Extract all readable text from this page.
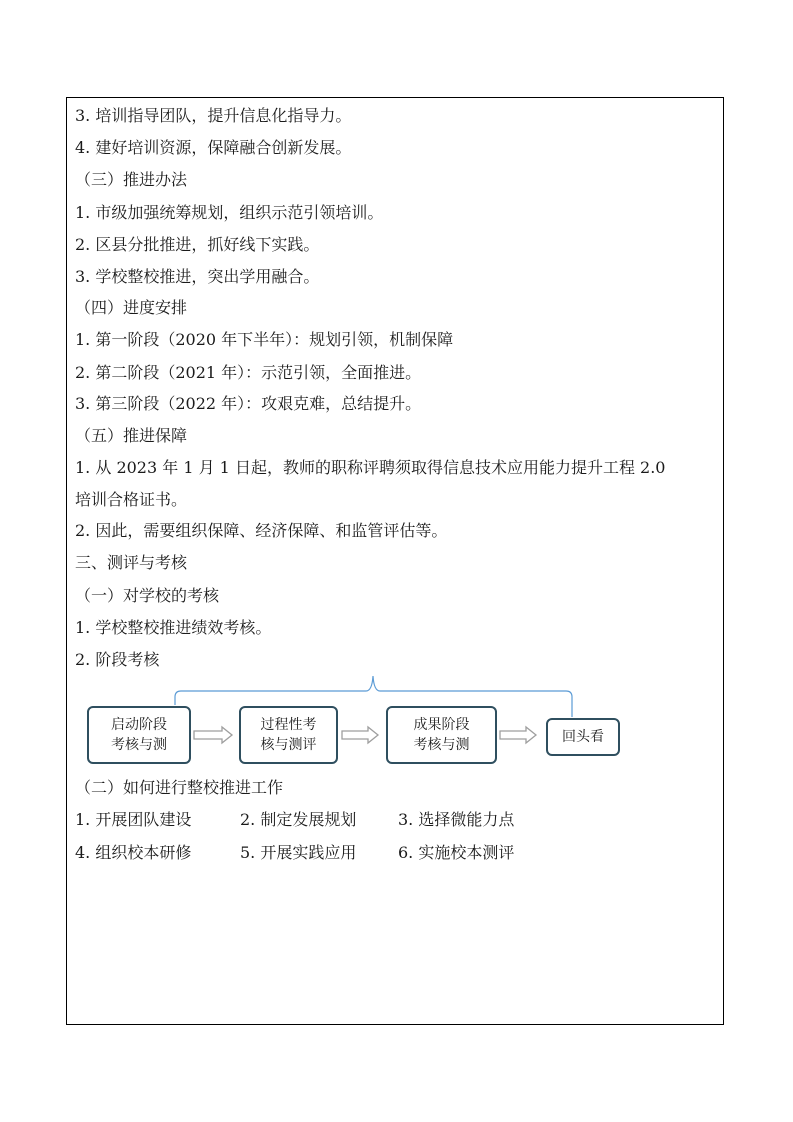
3. 培训指导团队，提升信息化指导力。
4. 建好培训资源，保障融合创新发展。
（三）推进办法
1. 市级加强统筹规划，组织示范引领培训。
2. 区县分批推进，抓好线下实践。
3. 学校整校推进，突出学用融合。
（四）进度安排
1. 第一阶段（2020 年下半年）：规划引领，机制保障
2. 第二阶段（2021 年）：示范引领，全面推进。
3. 第三阶段（2022 年）：攻艰克难，总结提升。
（五）推进保障
1. 从 2023 年 1 月 1 日起，教师的职称评聘须取得信息技术应用能力提升工程 2.0
培训合格证书。
2. 因此，需要组织保障、经济保障、和监管评估等。
三、测评与考核
（一）对学校的考核
1. 学校整校推进绩效考核。
2. 阶段考核
启动阶段
考核与测
过程性考
核与测评
成果阶段
考核与测	回头看
（二）如何进行整校推进工作
1. 开展团队建设	2. 制定发展规划	3. 选择微能力点
4. 组织校本研修	5. 开展实践应用	6. 实施校本测评
